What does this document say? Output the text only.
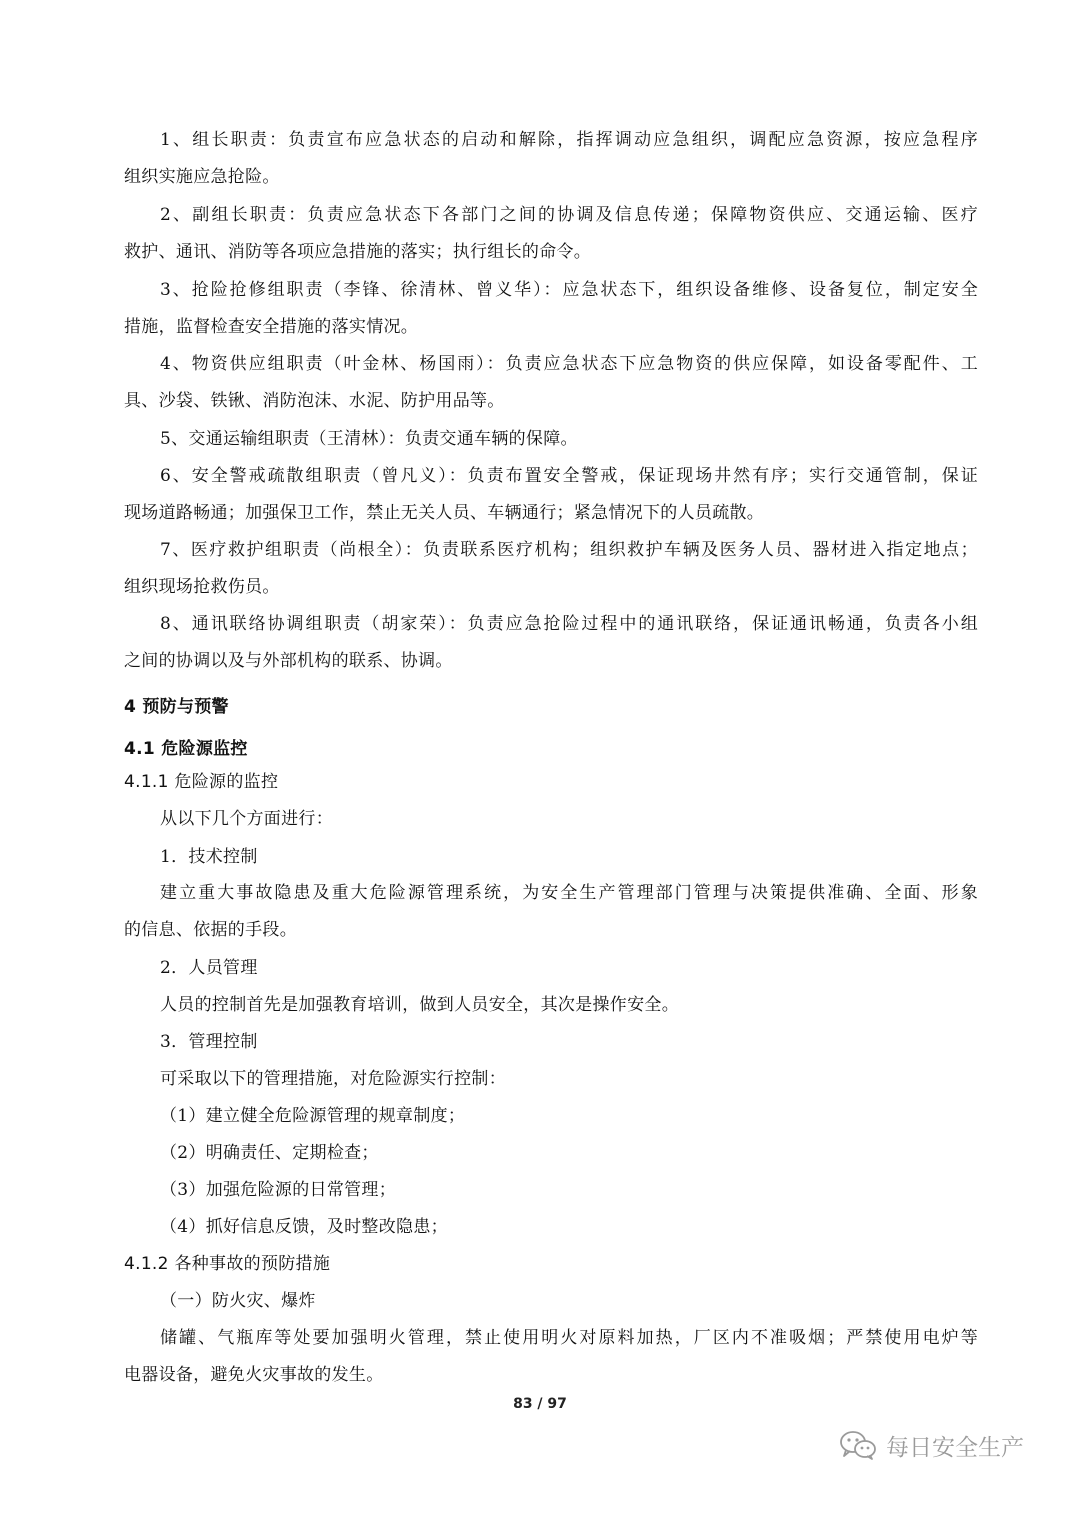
1、组长职责：负责宣布应急状态的启动和解除，指挥调动应急组织，调配应急资源，按应急程序
组织实施应急抢险。
2、副组长职责：负责应急状态下各部门之间的协调及信息传递；保障物资供应、交通运输、医疗
救护、通讯、消防等各项应急措施的落实；执行组长的命令。
3、抢险抢修组职责（李锋、徐清林、曾义华）：应急状态下，组织设备维修、设备复位，制定安全
措施，监督检查安全措施的落实情况。
4、物资供应组职责（叶金林、杨国雨）：负责应急状态下应急物资的供应保障，如设备零配件、工
具、沙袋、铁锹、消防泡沫、水泥、防护用品等。
5、交通运输组职责（王清林）：负责交通车辆的保障。
6、安全警戒疏散组职责（曾凡义）：负责布置安全警戒，保证现场井然有序；实行交通管制，保证
现场道路畅通；加强保卫工作，禁止无关人员、车辆通行；紧急情况下的人员疏散。
7、医疗救护组职责（尚根全）：负责联系医疗机构；组织救护车辆及医务人员、器材进入指定地点；
组织现场抢救伤员。
8、通讯联络协调组职责（胡家荣）：负责应急抢险过程中的通讯联络，保证通讯畅通，负责各小组
之间的协调以及与外部机构的联系、协调。
4 预防与预警
4.1 危险源监控
4.1.1 危险源的监控
从以下几个方面进行：
1．技术控制
建立重大事故隐患及重大危险源管理系统，为安全生产管理部门管理与决策提供准确、全面、形象
的信息、依据的手段。
2．人员管理
人员的控制首先是加强教育培训，做到人员安全，其次是操作安全。
3．管理控制
可采取以下的管理措施，对危险源实行控制：
（1）建立健全危险源管理的规章制度；
（2）明确责任、定期检查；
（3）加强危险源的日常管理；
（4）抓好信息反馈，及时整改隐患；
4.1.2 各种事故的预防措施
（一）防火灾、爆炸
储罐、气瓶库等处要加强明火管理，禁止使用明火对原料加热，厂区内不准吸烟；严禁使用电炉等
电器设备，避免火灾事故的发生。
83 / 97
每日安全生产
